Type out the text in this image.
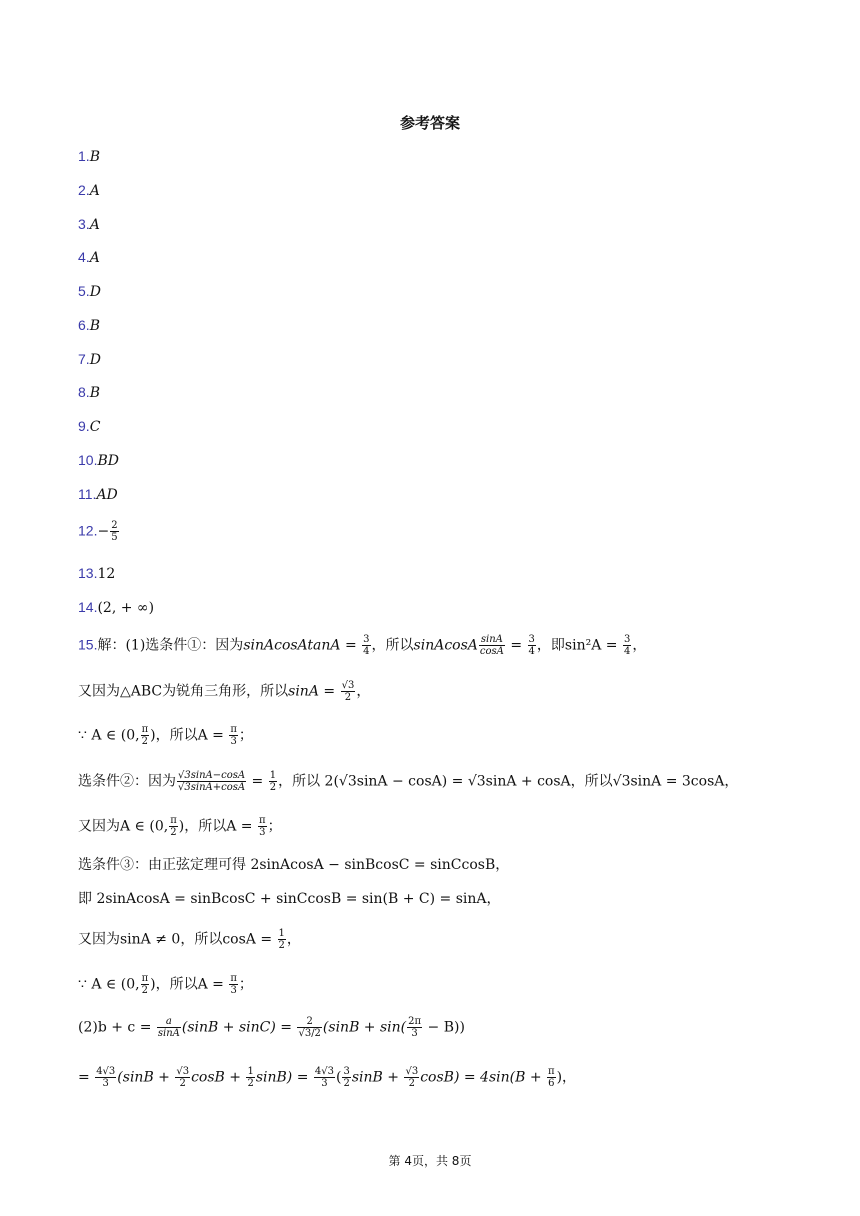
参考答案
1.B
2.A
3.A
4.A
5.D
6.B
7.D
8.B
9.C
10.BD
11.AD
$12.- \frac{2}{5}$
13.12
14.(2, + ∞)
15.解：(1)选条件①：因为sinAcosAtanA = $\frac{3}{4}$ ，所以sinAcosA $\frac{\sin A}{\cos A} = \frac{3}{4}$ ，即$\sin^2A = \frac{3}{4}$ ，
又因为△ABC为锐角三角形，所以$\sin A = \frac{√3}{2}$ ，
∵ A ∈ (0, $\frac{\pi}{2}$ )，所以$A = \frac{\pi}{3}$ ；
选条件②：因为 $\frac{√3\sin A-\cos A}{√3\sin A+\cos A} = \frac{1}{2}$ ，所以 2(√3sinA − cosA) = √3sinA + cosA，所以√3sinA = 3cosA，
又因为A ∈ (0, $\frac{\pi}{2}$ )，所以$A = \frac{\pi}{3}$ ；
选条件③：由正弦定理可得 2sinAcosA − sinBcosC = sinCcosB，
即 2sinAcosA = sinBcosC + sinCcosB = sin(B + C) = sinA，
又因为sinA ≠ 0，所以$\cos A = \frac{1}{2}$ ，
∵ A ∈ (0, $\frac{\pi}{2}$ )，所以$A = \frac{\pi}{3}$ ；
$(2)b + c = \frac{a}{\sin A} (\sin B + \sin C) = \frac{2}{√3/2} (\sin B + \sin( \frac{2\pi}{3} - B))$
= $\frac{4√3}{3} (\sin B + \frac{√3}{2}$ $\cos B + \frac{1}{2} \sin B) = \frac{4√3}{3}$ ( $\frac{3}{2}$ $\sin B + \frac{√3}{2} \cos B) = 4\sin(B + \frac{\pi}{6}$ )，
第 4页，共 8页
